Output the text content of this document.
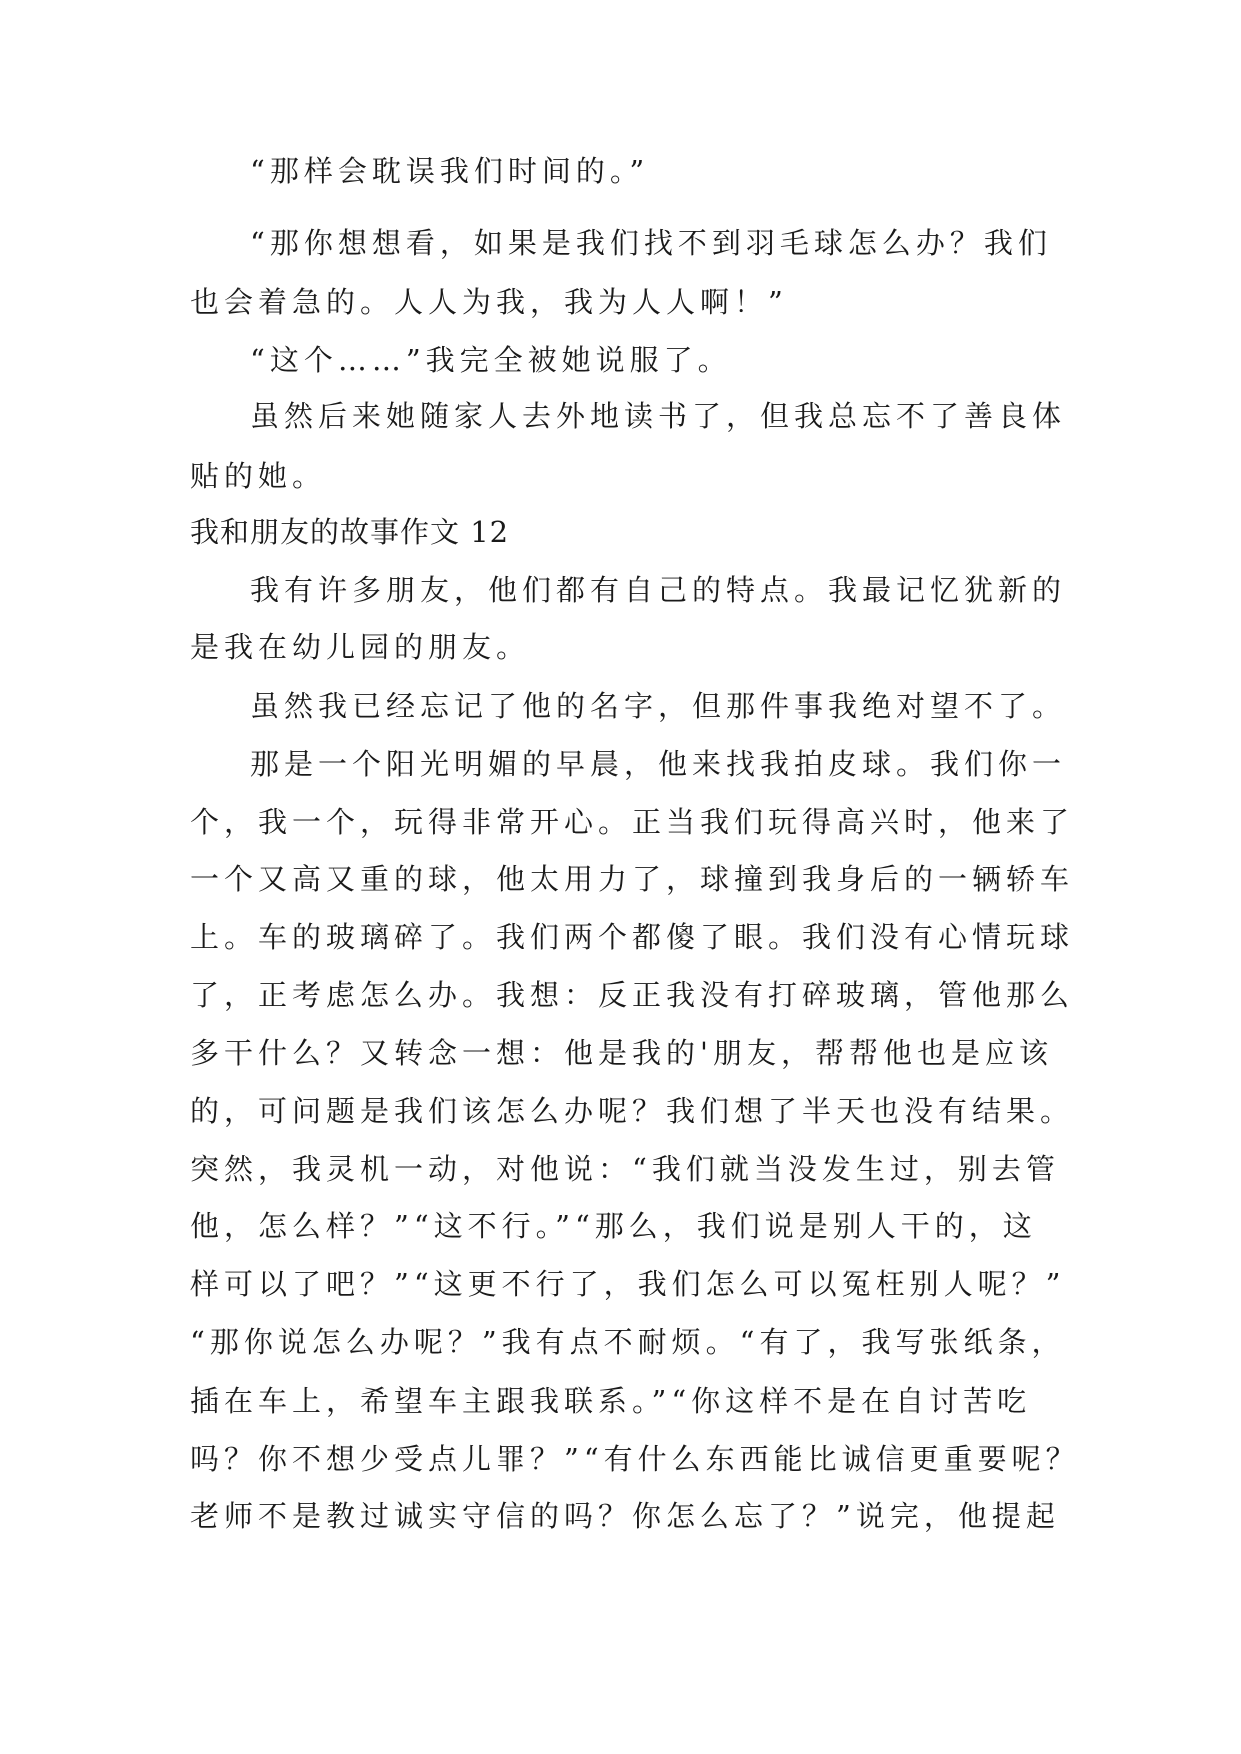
“那样会耽误我们时间的。”
“那你想想看，如果是我们找不到羽毛球怎么办？我们
也会着急的。人人为我，我为人人啊！”
“这个……”我完全被她说服了。
虽然后来她随家人去外地读书了，但我总忘不了善良体
贴的她。
我和朋友的故事作文 12
我有许多朋友，他们都有自己的特点。我最记忆犹新的
是我在幼儿园的朋友。
虽然我已经忘记了他的名字，但那件事我绝对望不了。
那是一个阳光明媚的早晨，他来找我拍皮球。我们你一
个，我一个，玩得非常开心。正当我们玩得高兴时，他来了
一个又高又重的球，他太用力了，球撞到我身后的一辆轿车
上。车的玻璃碎了。我们两个都傻了眼。我们没有心情玩球
了，正考虑怎么办。我想：反正我没有打碎玻璃，管他那么
多干什么？又转念一想：他是我的'朋友，帮帮他也是应该
的，可问题是我们该怎么办呢？我们想了半天也没有结果。
突然，我灵机一动，对他说：“我们就当没发生过，别去管
他，怎么样？”“这不行。”“那么，我们说是别人干的，这
样可以了吧？”“这更不行了，我们怎么可以冤枉别人呢？”
“那你说怎么办呢？”我有点不耐烦。“有了，我写张纸条，
插在车上，希望车主跟我联系。”“你这样不是在自讨苦吃
吗？你不想少受点儿罪？”“有什么东西能比诚信更重要呢？
老师不是教过诚实守信的吗？你怎么忘了？”说完，他提起
